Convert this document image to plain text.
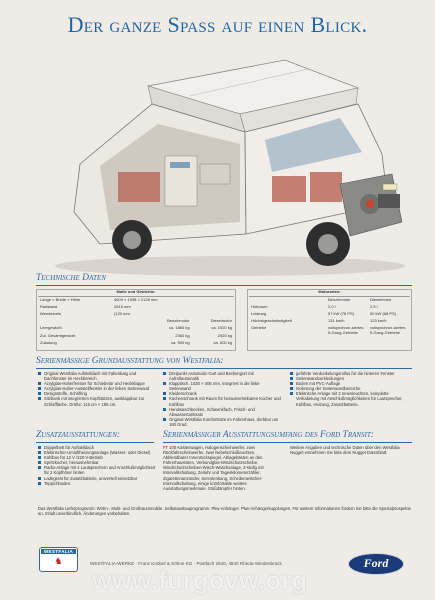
Der ganze Spass auf einen Blick.
Technische Daten
Maße und Gewichte:		
Länge × Breite × Höhe	4609 × 1938 × 2128 mm	
Radstand	2815 mm	
Wendekreis	(120 mm	
	Benzinmotor	Dieselmotor
Leergewicht	ca. 1860 kg	ca. 1920 kg
Zul. Gesamtgewicht	2360 kg	2520 kg
Zuladung	ca. 500 kg	ca. 600 kg
Motorarten:		
	Benzinmotor	Dieselmotor
Hubraum	2,0 l	2,5 l
Leistung	57 kW (78 PS)	50 kW (68 PS)
Höchstgeschwindigkeit	131 km/h	123 km/h
Getriebe	vollsynchron-siertes 5-Gang-Getriebe	vollsynchron-siertes 5-Gang-Getriebe
Serienmässige Grundausstattung von Westfalia:
Original Westfalia Aufstelldach mit Faltenbalg und Dachfenster im Heckbereich.
Acrylglas-Isolierfenster für Schiebetür und Heckklappe
Acrylglas-Isolier-Ausstellfenster in der linken Seitenwand
Designstoffe, Schrifting
Sitzbank mit integrierten Kopfstützen, ausklappbar zur Schlaffläche, Größe: 115 cm × 195 cm.
Dreipunkt-Automatic-Gurt und Beckengurt mit Aufrollautomatik
Klapptisch, 1030 × 406 mm, integriert in die linke Seitenwand
Kleiderschrank
Küchenschrank mit Raum für herausnehmbaren Kocher und Kühlbox
Handwaschbecken, Schwenkfach, Frisch- und Abwassertanksatz
Original Westfalia Komfortsitze im Fahrerhaus, drehbar um 180 Grad
geführte Verdunkelungsrollos für die hinteren Fenster
Seitenwandverkleidungen
Boden mit PVC-Auflage
Isolierung der Seitenwandbereiche
Elektrische Anlage mit 2 Innenleuchten, komplette Verkabelung mit Anschlußmöglichkeiten für Lautsprecher, Kühlbox, Heizung, Zusatzbatterie.
Zusatzausstattungen:
Doppelbett für Aufstelldach
Elektrischer-Umluftheizungsanlage (Wasser- oder Diesel)
Kühlbox für 12 V /220 V-Betrieb
Spritzkocher, herausnehmbar
Radio-Anlage mit 4 Lautsprechern und Anschlußmöglichkeit für 2 Kopfhörer hinten
Ladegerät für Zusatzbatterie, universell einsetzbar
Teppichboden.
Serienmässiger Ausstattungsumfang des Ford Transit:
FT 100 Kastenwagen, Halogenscheinwerfer, zwei Rückfahrscheinwerfer, zwei Nebelschlußleuchten, Abblendbarer Innenrückspiegel, Ablagekästen an den Fahrerhaustüren, Verbundglas-Windschutzscheibe, Windschutzscheiben-Wisch-Waschanlage, 2-stufig mit Intervallschaltung, Zeituhr und Tageskilometerzähler, Zigarettenanzünder, Servolenkung, Scheibenwischer-Intervallschaltung, einige komfortable weitere Ausstattungsmerkmale. Stoßdämpfer hinten.
Weitere Angaben und technische Daten über den Westfalia Nugget entnehmen Sie bitte dem Nugget Datenblatt.
Das Westfalia Lieferprogramm: Wohn-, Multi- und Großraummobile. Selbstausbauprogramm. Pkw-Anhänger. Pkw-Anhängerkupplungen. Für weitere Informationen fordern Sie bitte die Spezialprospekte an. Inhalt unverbindlich. Änderungen vorbehalten.
WESTFALIA
♞	WESTFALIA-WERKE · Franz Knöbel & Söhne KG · Postfach 2640, 4840 Rheda-Wiedenbrück
www.furgovw.org
Ford
